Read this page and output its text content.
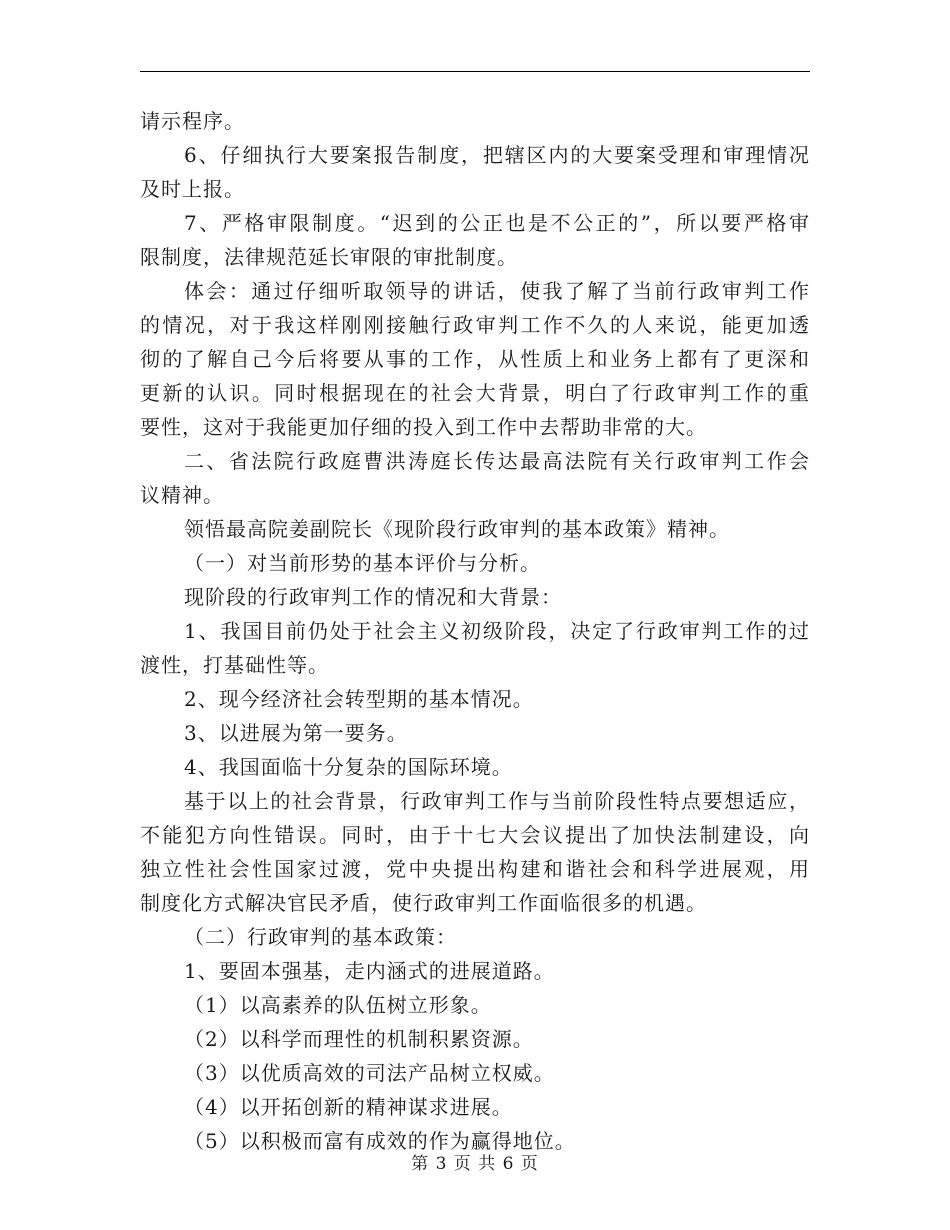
请示程序。
6、仔细执行大要案报告制度，把辖区内的大要案受理和审理情况
及时上报。
7、严格审限制度。“迟到的公正也是不公正的”，所以要严格审
限制度，法律规范延长审限的审批制度。
体会：通过仔细听取领导的讲话，使我了解了当前行政审判工作
的情况，对于我这样刚刚接触行政审判工作不久的人来说，能更加透
彻的了解自己今后将要从事的工作，从性质上和业务上都有了更深和
更新的认识。同时根据现在的社会大背景，明白了行政审判工作的重
要性，这对于我能更加仔细的投入到工作中去帮助非常的大。
二、省法院行政庭曹洪涛庭长传达最高法院有关行政审判工作会
议精神。
领悟最高院姜副院长《现阶段行政审判的基本政策》精神。
（一）对当前形势的基本评价与分析。
现阶段的行政审判工作的情况和大背景：
1、我国目前仍处于社会主义初级阶段，决定了行政审判工作的过
渡性，打基础性等。
2、现今经济社会转型期的基本情况。
3、以进展为第一要务。
4、我国面临十分复杂的国际环境。
基于以上的社会背景，行政审判工作与当前阶段性特点要想适应，
不能犯方向性错误。同时，由于十七大会议提出了加快法制建设，向
独立性社会性国家过渡，党中央提出构建和谐社会和科学进展观，用
制度化方式解决官民矛盾，使行政审判工作面临很多的机遇。
（二）行政审判的基本政策：
1、要固本强基，走内涵式的进展道路。
（1）以高素养的队伍树立形象。
（2）以科学而理性的机制积累资源。
（3）以优质高效的司法产品树立权威。
（4）以开拓创新的精神谋求进展。
（5）以积极而富有成效的作为赢得地位。
第 3 页 共 6 页
